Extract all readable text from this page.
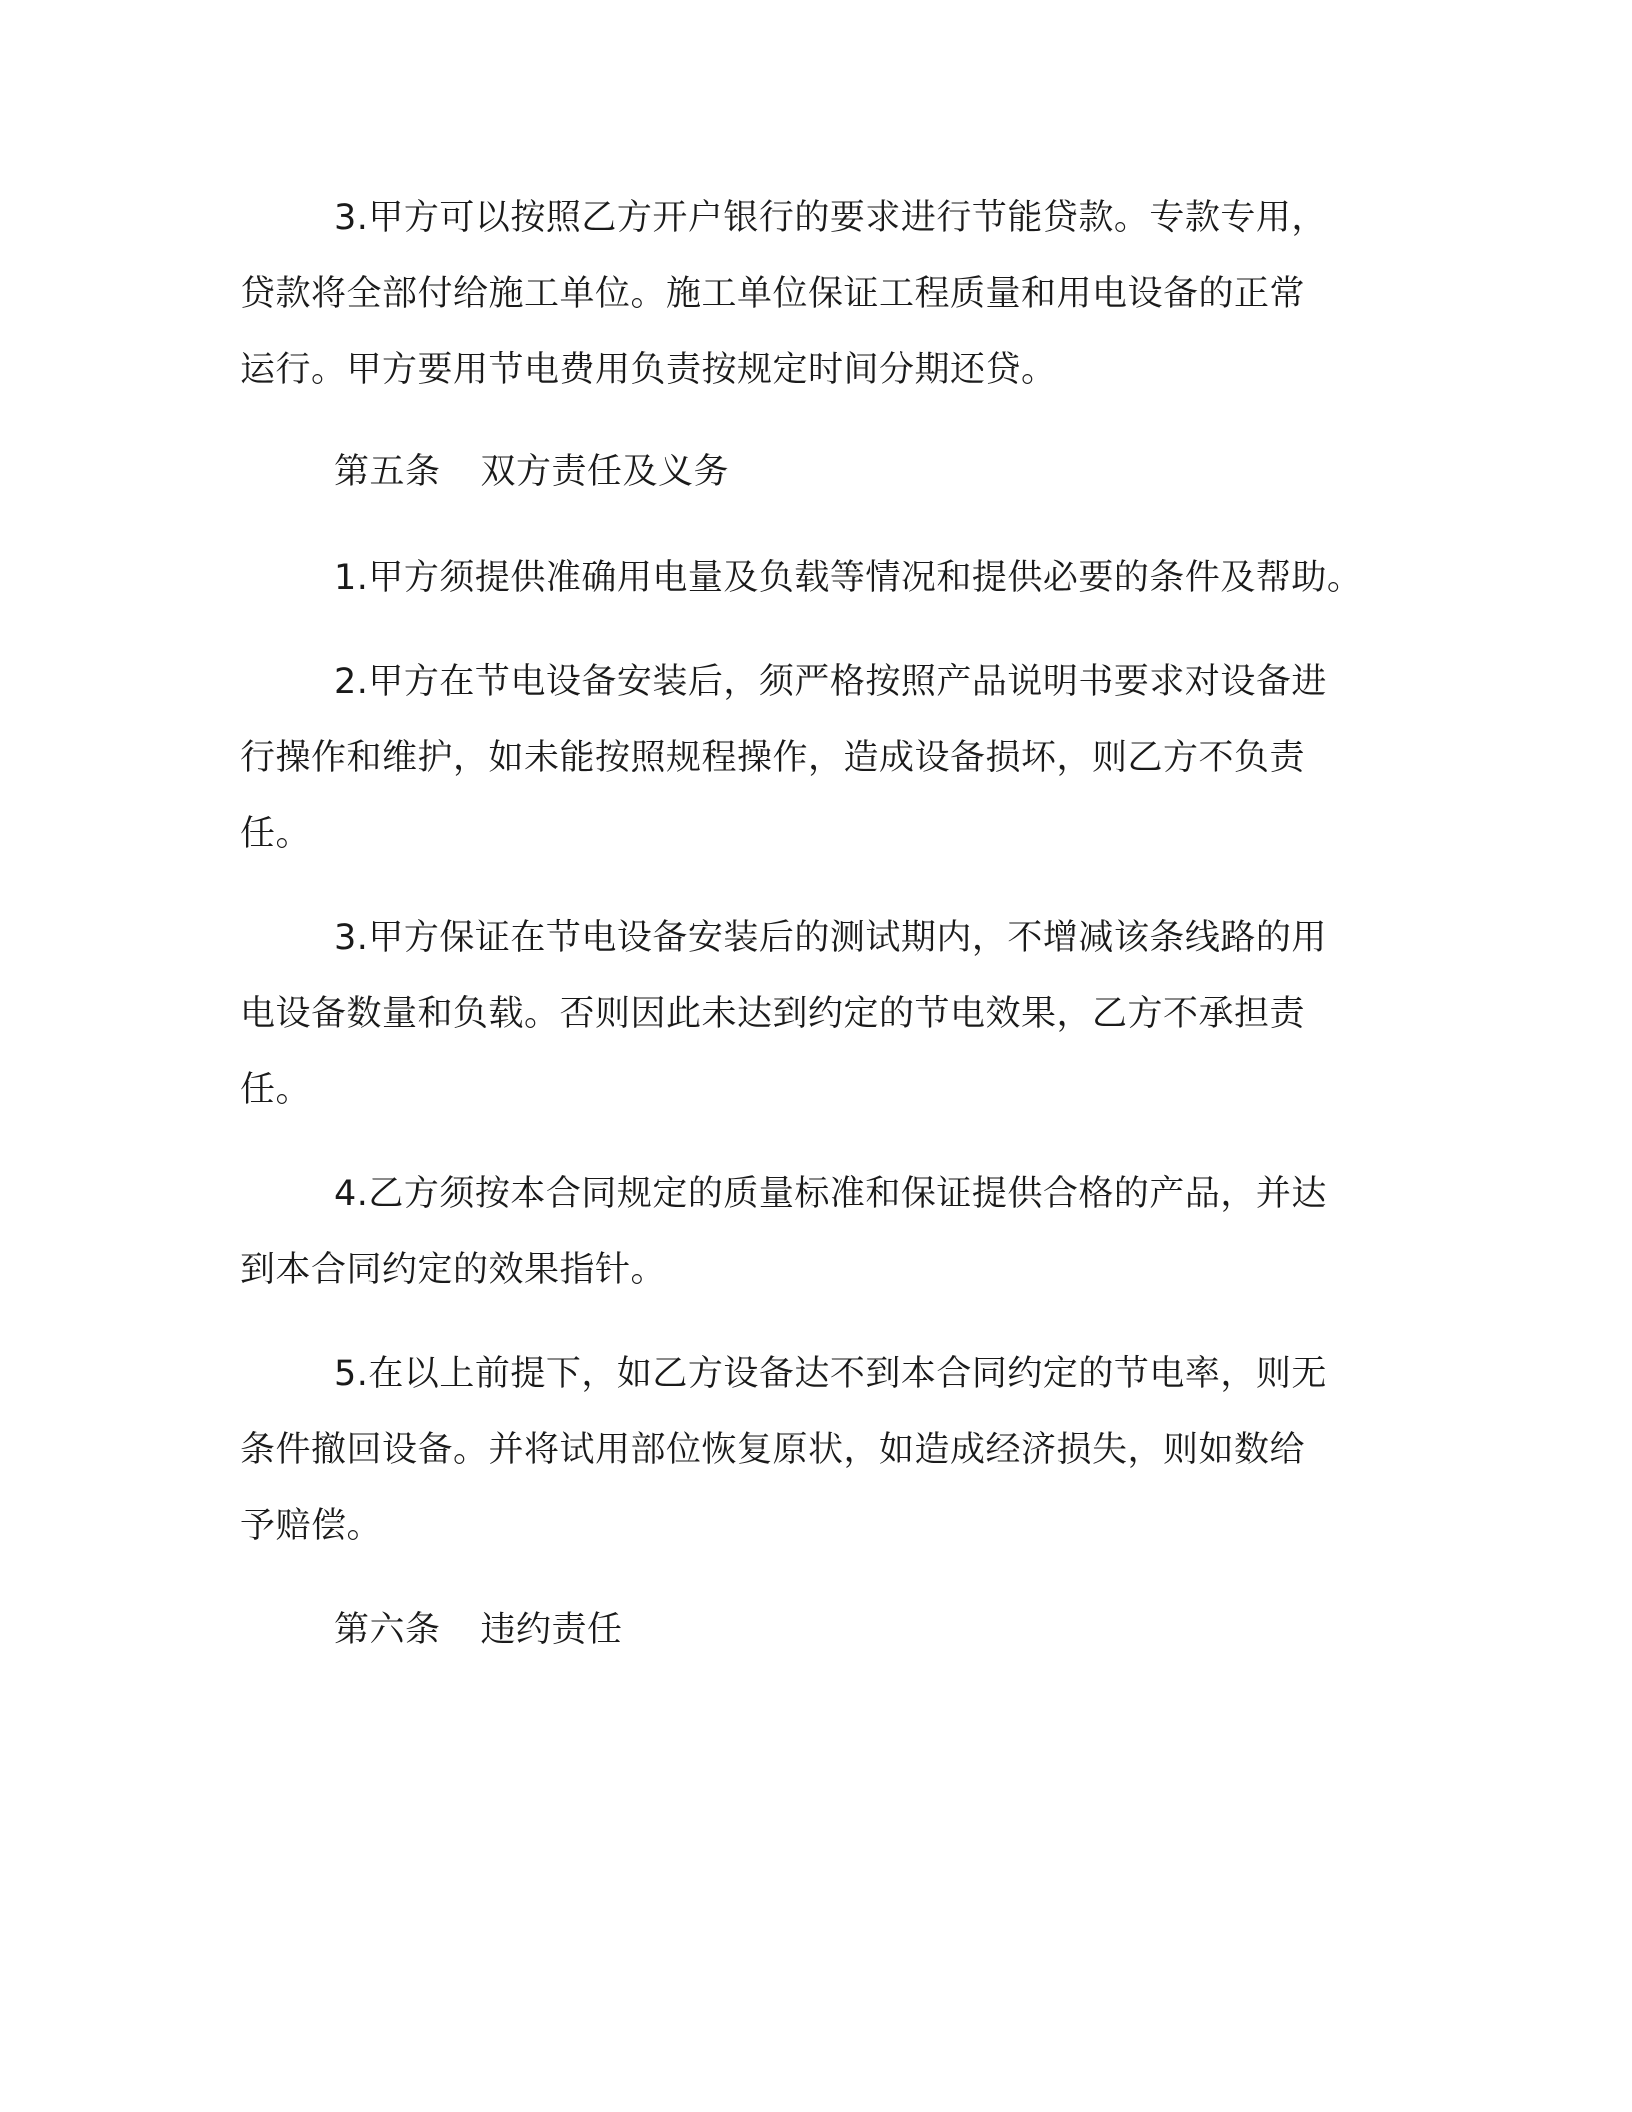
3.甲方可以按照乙方开户银行的要求进行节能贷款。专款专用，
贷款将全部付给施工单位。施工单位保证工程质量和用电设备的正常
运行。甲方要用节电费用负责按规定时间分期还贷。
第五条 双方责任及义务
1.甲方须提供准确用电量及负载等情况和提供必要的条件及帮助。
2.甲方在节电设备安装后，须严格按照产品说明书要求对设备进
行操作和维护，如未能按照规程操作，造成设备损坏，则乙方不负责
任。
3.甲方保证在节电设备安装后的测试期内，不增减该条线路的用
电设备数量和负载。否则因此未达到约定的节电效果，乙方不承担责
任。
4.乙方须按本合同规定的质量标准和保证提供合格的产品，并达
到本合同约定的效果指针。
5.在以上前提下，如乙方设备达不到本合同约定的节电率，则无
条件撤回设备。并将试用部位恢复原状，如造成经济损失，则如数给
予赔偿。
第六条 违约责任
